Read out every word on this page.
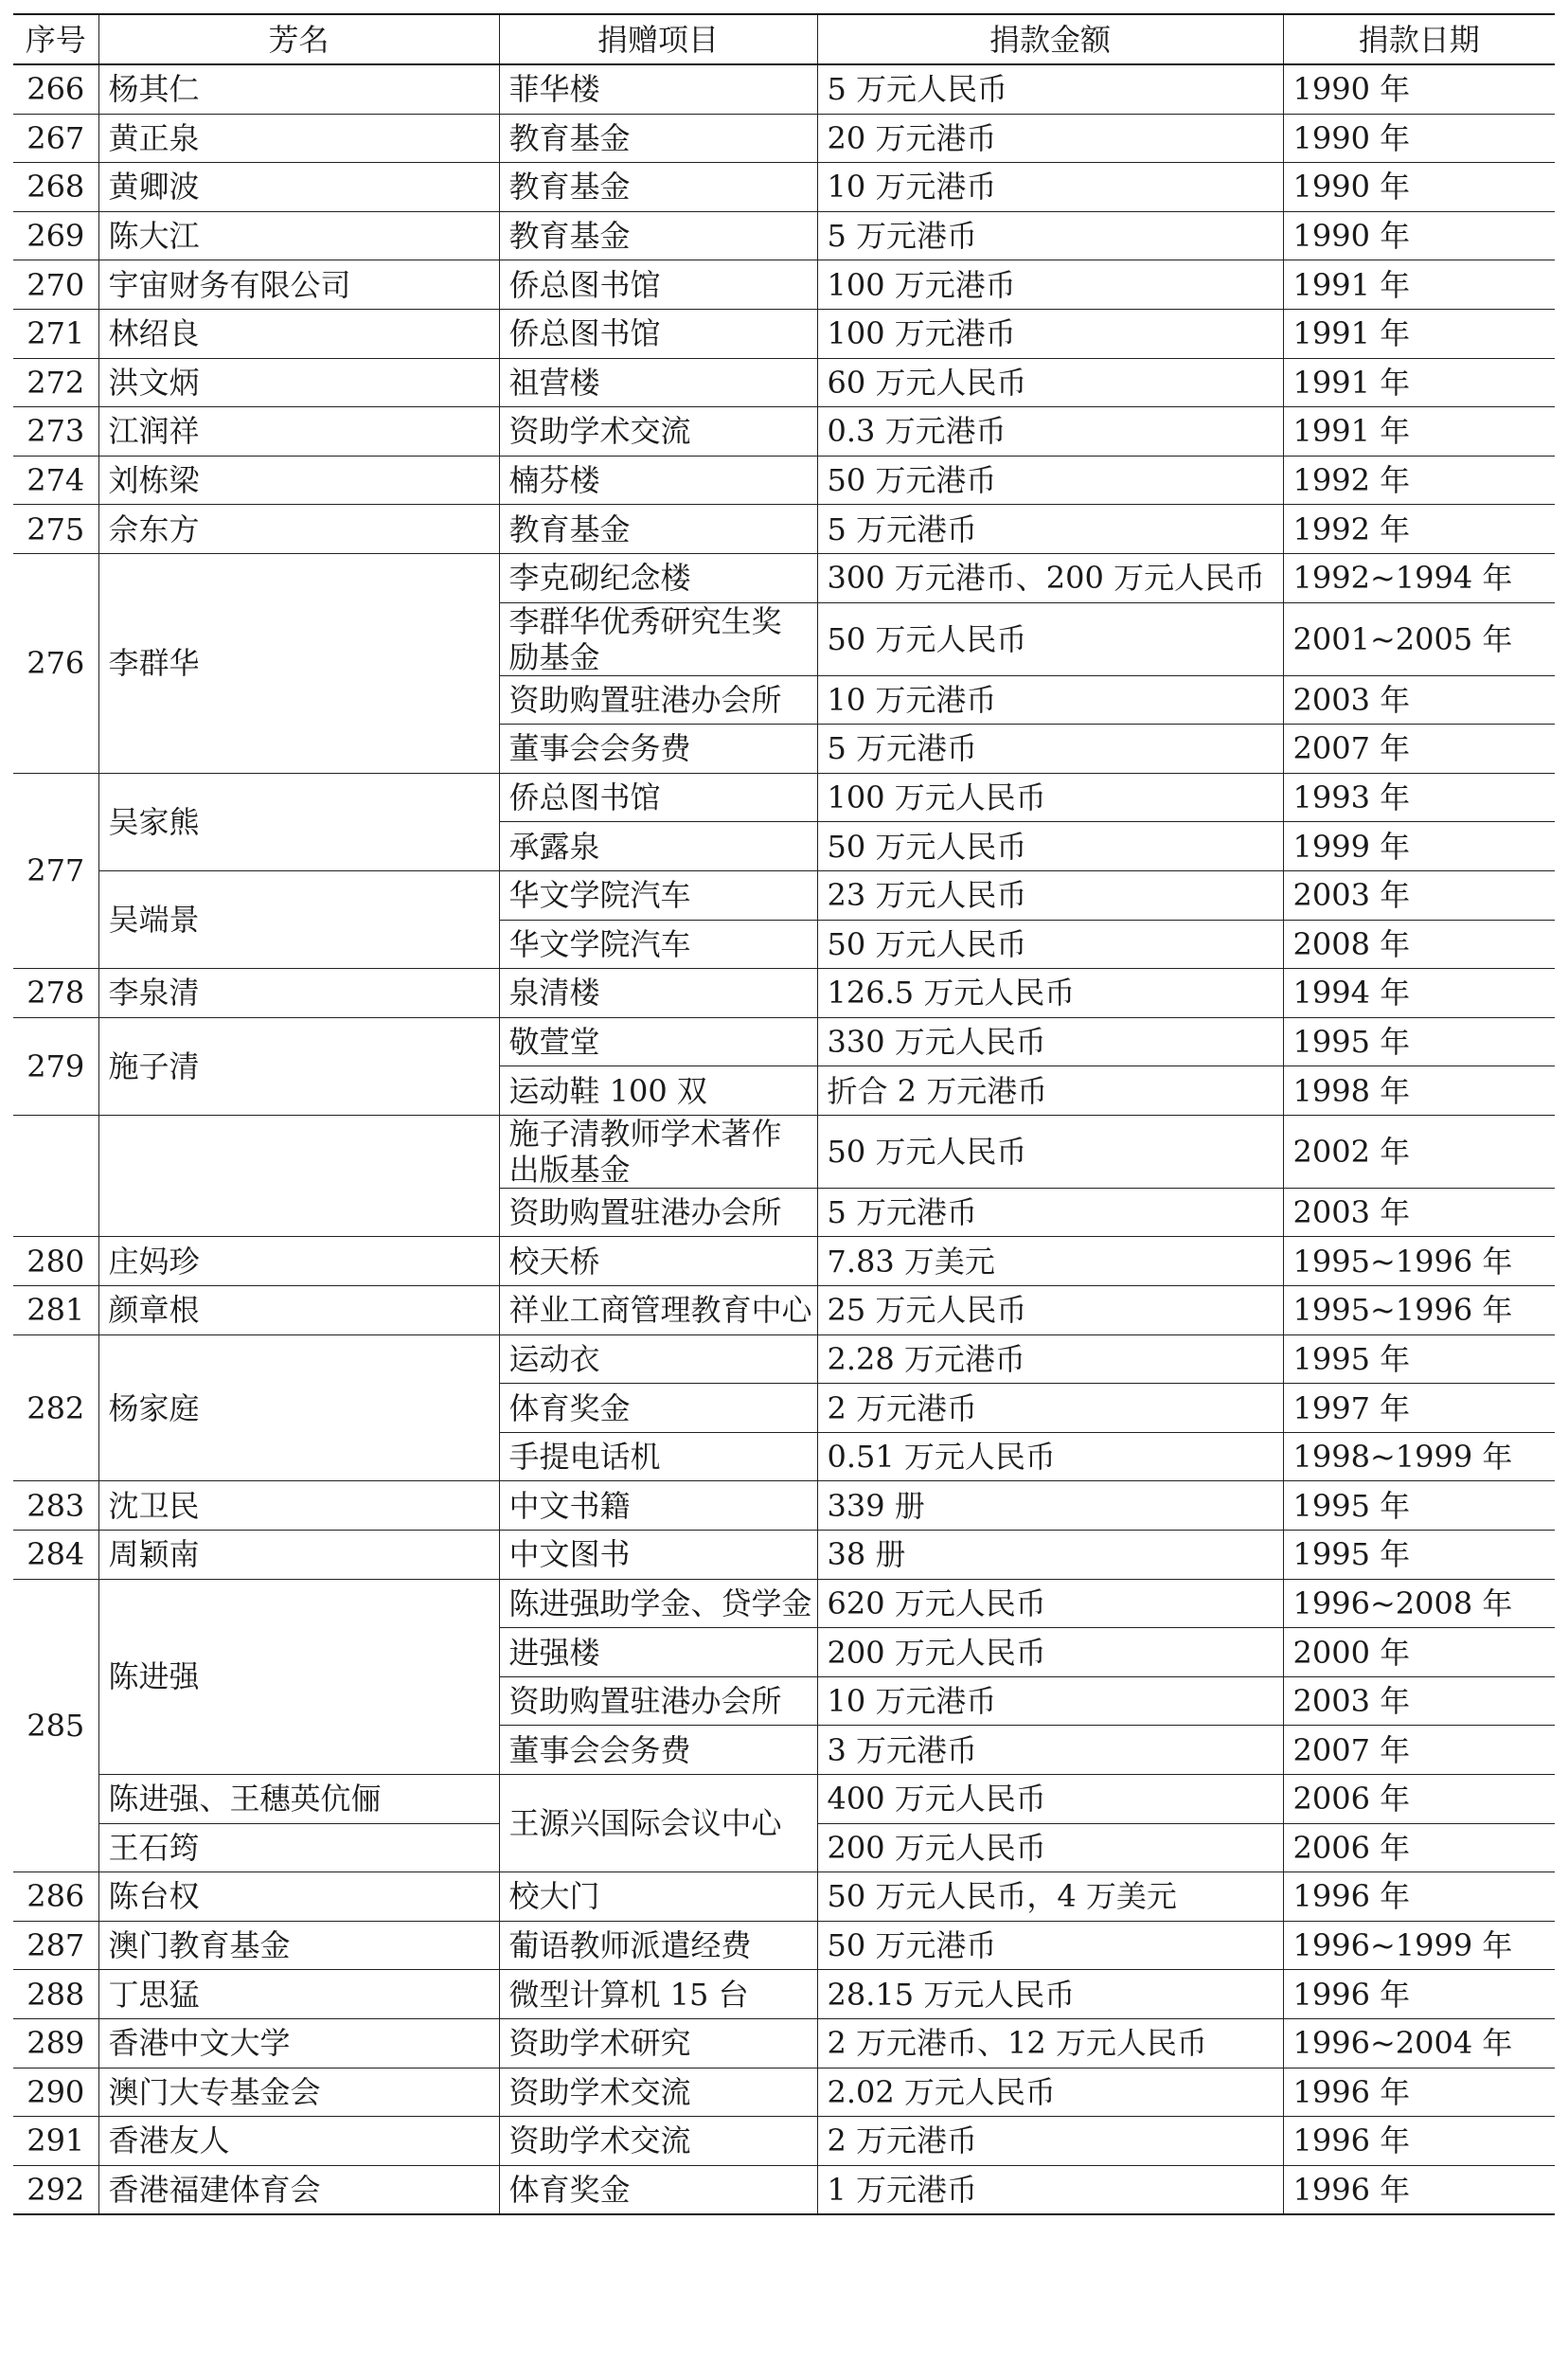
序号	芳名	捐赠项目	捐款金额	捐款日期
266	杨其仁	菲华楼	5 万元人民币	1990 年
267	黄正泉	教育基金	20 万元港币	1990 年
268	黄卿波	教育基金	10 万元港币	1990 年
269	陈大江	教育基金	5 万元港币	1990 年
270	宇宙财务有限公司	侨总图书馆	100 万元港币	1991 年
271	林绍良	侨总图书馆	100 万元港币	1991 年
272	洪文炳	祖营楼	60 万元人民币	1991 年
273	江润祥	资助学术交流	0.3 万元港币	1991 年
274	刘栋梁	楠芬楼	50 万元港币	1992 年
275	佘东方	教育基金	5 万元港币	1992 年
276	李群华	李克砌纪念楼	300 万元港币、200 万元人民币	1992~1994 年
		李群华优秀研究生奖励基金	50 万元人民币	2001~2005 年

		资助购置驻港办会所	10 万元港币	2003 年
		董事会会务费	5 万元港币	2007 年
277	吴家熊	侨总图书馆	100 万元人民币	1993 年
		承露泉	50 万元人民币	1999 年
	吴端景	华文学院汽车	23 万元人民币	2003 年
		华文学院汽车	50 万元人民币	2008 年
278	李泉清	泉清楼	126.5 万元人民币	1994 年
279	施子清	敬萱堂	330 万元人民币	1995 年
		运动鞋 100 双	折合 2 万元港币	1998 年
		施子清教师学术著作出版基金	50 万元人民币	2002 年

		资助购置驻港办会所	5 万元港币	2003 年
280	庄妈珍	校天桥	7.83 万美元	1995~1996 年
281	颜章根	祥业工商管理教育中心	25 万元人民币	1995~1996 年
282	杨家庭	运动衣	2.28 万元港币	1995 年
		体育奖金	2 万元港币	1997 年
		手提电话机	0.51 万元人民币	1998~1999 年
283	沈卫民	中文书籍	339 册	1995 年
284	周颖南	中文图书	38 册	1995 年
285	陈进强	陈进强助学金、贷学金	620 万元人民币	1996~2008 年
		进强楼	200 万元人民币	2000 年
		资助购置驻港办会所	10 万元港币	2003 年
		董事会会务费	3 万元港币	2007 年
	陈进强、王穗英伉俪	王源兴国际会议中心	400 万元人民币	2006 年
	王石筠		200 万元人民币	2006 年
286	陈台权	校大门	50 万元人民币，4 万美元	1996 年
287	澳门教育基金	葡语教师派遣经费	50 万元港币	1996~1999 年
288	丁思猛	微型计算机 15 台	28.15 万元人民币	1996 年
289	香港中文大学	资助学术研究	2 万元港币、12 万元人民币	1996~2004 年
290	澳门大专基金会	资助学术交流	2.02 万元人民币	1996 年
291	香港友人	资助学术交流	2 万元港币	1996 年
292	香港福建体育会	体育奖金	1 万元港币	1996 年
